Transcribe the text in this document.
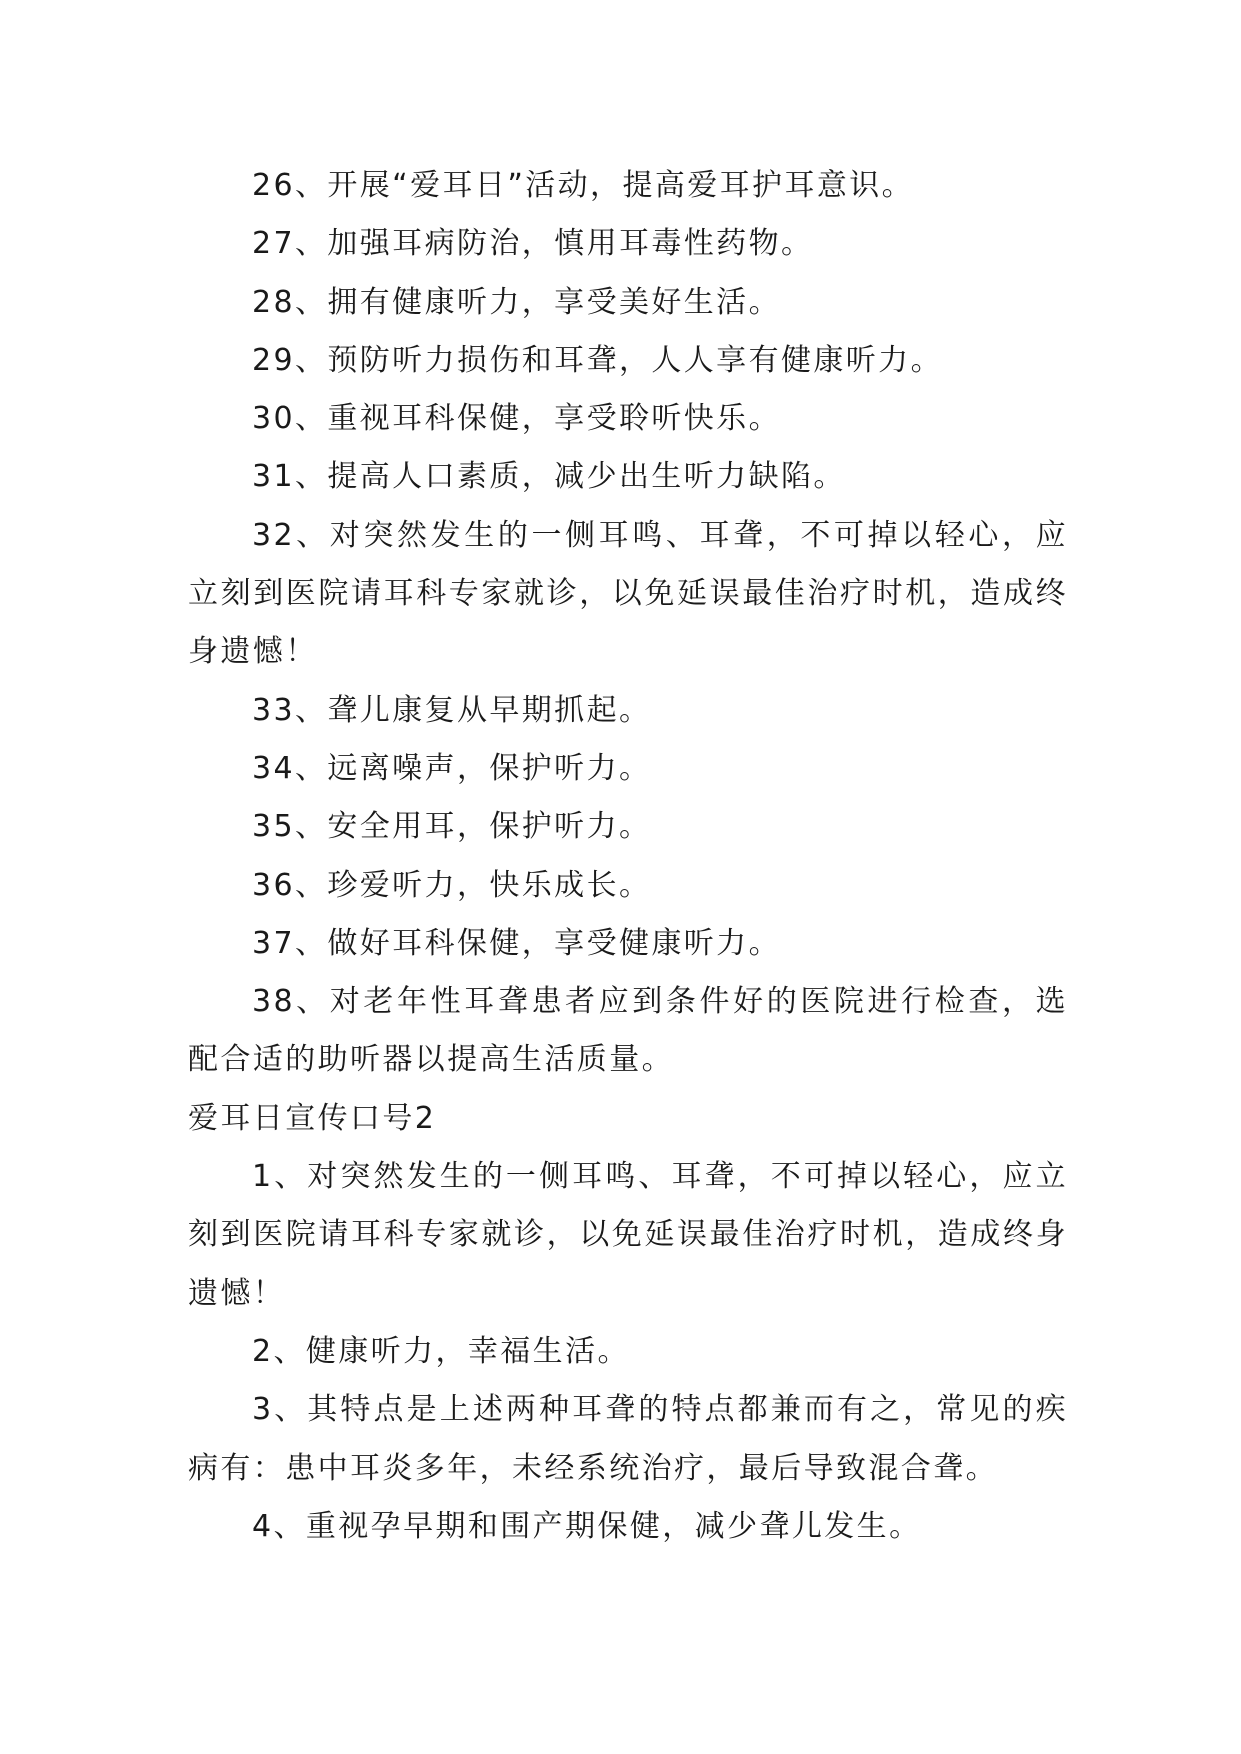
26、开展“爱耳日”活动，提高爱耳护耳意识。

27、加强耳病防治，慎用耳毒性药物。

28、拥有健康听力，享受美好生活。

29、预防听力损伤和耳聋，人人享有健康听力。

30、重视耳科保健，享受聆听快乐。

31、提高人口素质，减少出生听力缺陷。

32、对突然发生的一侧耳鸣、耳聋，不可掉以轻心，应立刻到医院请耳科专家就诊，以免延误最佳治疗时机，造成终身遗憾！

33、聋儿康复从早期抓起。

34、远离噪声，保护听力。

35、安全用耳，保护听力。

36、珍爱听力，快乐成长。

37、做好耳科保健，享受健康听力。

38、对老年性耳聋患者应到条件好的医院进行检查，选配合适的助听器以提高生活质量。

爱耳日宣传口号2

1、对突然发生的一侧耳鸣、耳聋，不可掉以轻心，应立刻到医院请耳科专家就诊，以免延误最佳治疗时机，造成终身遗憾！

2、健康听力，幸福生活。

3、其特点是上述两种耳聋的特点都兼而有之，常见的疾病有：患中耳炎多年，未经系统治疗，最后导致混合聋。

4、重视孕早期和围产期保健，减少聋儿发生。
